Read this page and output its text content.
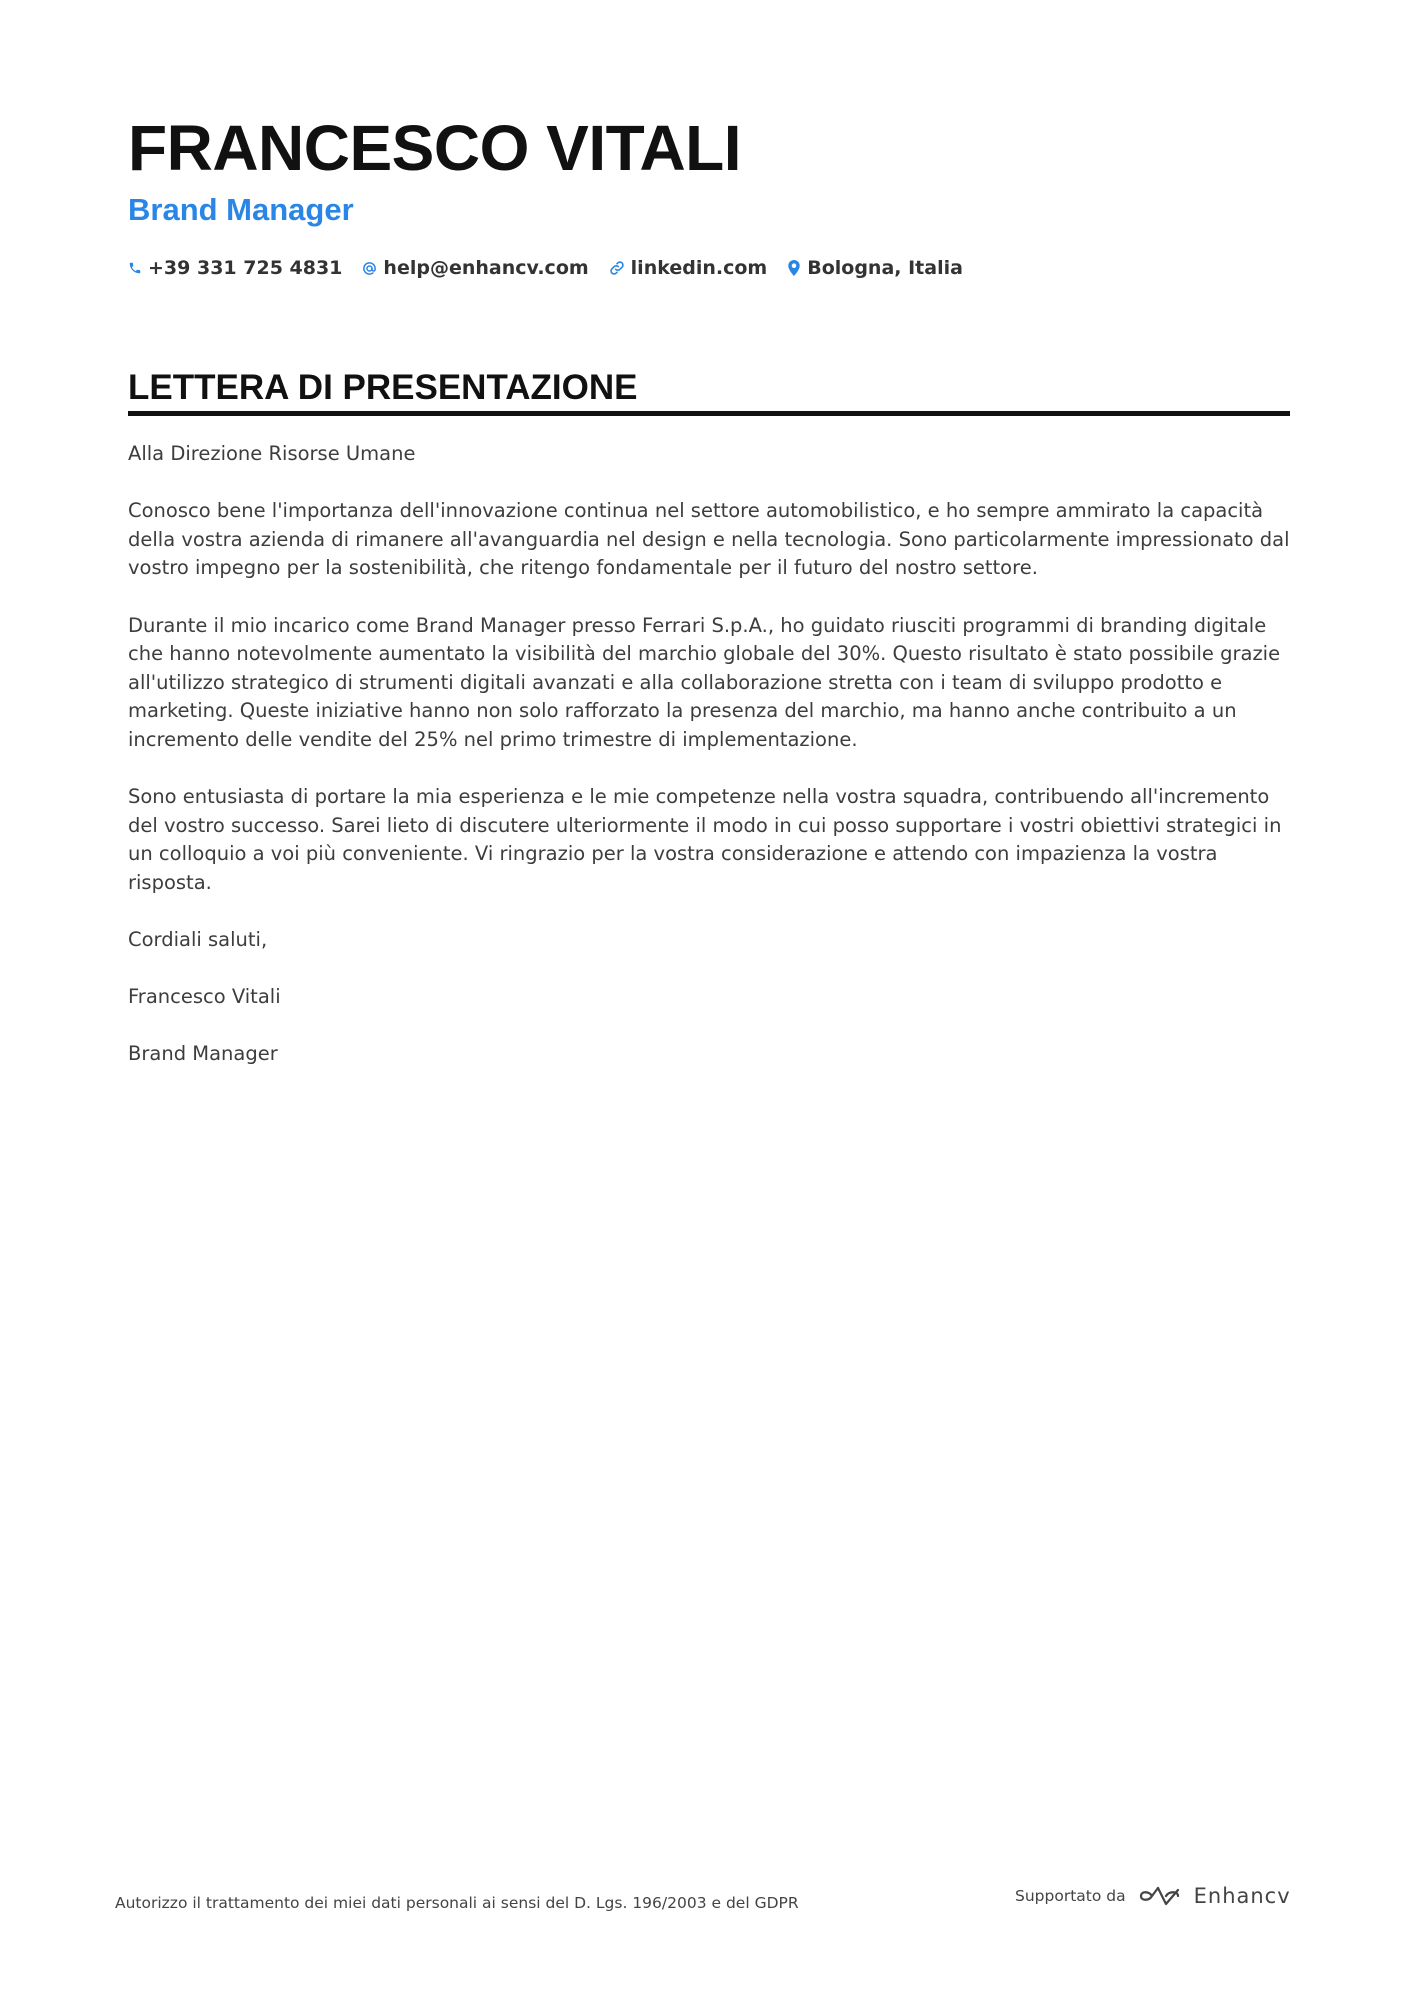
FRANCESCO VITALI
Brand Manager
+39 331 725 4831 help@enhancv.com linkedin.com Bologna, Italia
LETTERA DI PRESENTAZIONE

Alla Direzione Risorse Umane

Conosco bene l'importanza dell'innovazione continua nel settore automobilistico, e ho sempre ammirato la capacità della vostra azienda di rimanere all'avanguardia nel design e nella tecnologia. Sono particolarmente impressionato dal vostro impegno per la sostenibilità, che ritengo fondamentale per il futuro del nostro settore.

Durante il mio incarico come Brand Manager presso Ferrari S.p.A., ho guidato riusciti programmi di branding digitale che hanno notevolmente aumentato la visibilità del marchio globale del 30%. Questo risultato è stato possibile grazie all'utilizzo strategico di strumenti digitali avanzati e alla collaborazione stretta con i team di sviluppo prodotto e marketing. Queste iniziative hanno non solo rafforzato la presenza del marchio, ma hanno anche contribuito a un incremento delle vendite del 25% nel primo trimestre di implementazione.

Sono entusiasta di portare la mia esperienza e le mie competenze nella vostra squadra, contribuendo all'incremento del vostro successo. Sarei lieto di discutere ulteriormente il modo in cui posso supportare i vostri obiettivi strategici in un colloquio a voi più conveniente. Vi ringrazio per la vostra considerazione e attendo con impazienza la vostra risposta.

Cordiali saluti,

Francesco Vitali

Brand Manager

Autorizzo il trattamento dei miei dati personali ai sensi del D. Lgs. 196/2003 e del GDPR	Supportato da	Enhancv
